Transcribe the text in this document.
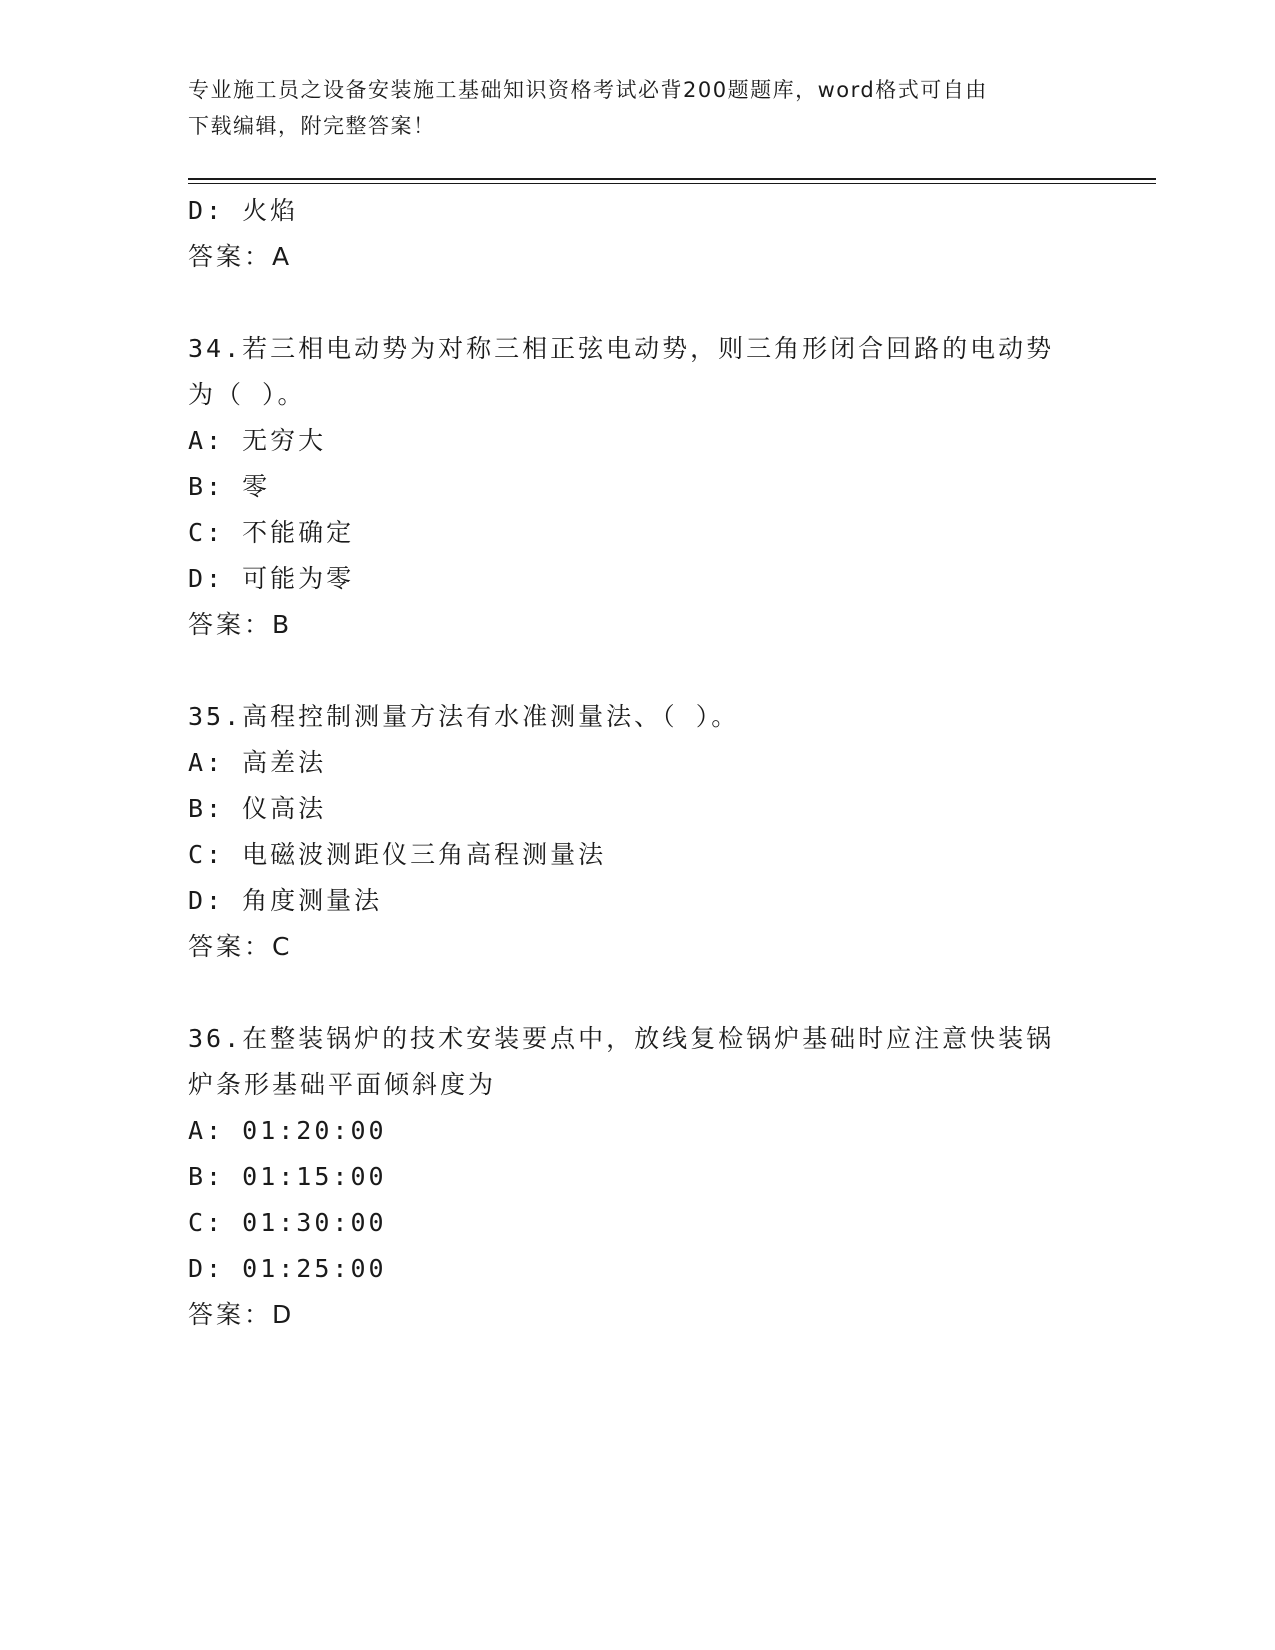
专业施工员之设备安装施工基础知识资格考试必背200题题库，word格式可自由
下载编辑，附完整答案！

D: 火焰

答案：A

34.若三相电动势为对称三相正弦电动势，则三角形闭合回路的电动势

为（ ）。

A: 无穷大

B: 零

C: 不能确定

D: 可能为零

答案：B

35.高程控制测量方法有水准测量法、（ ）。

A: 高差法

B: 仪高法

C: 电磁波测距仪三角高程测量法

D: 角度测量法

答案：C

36.在整装锅炉的技术安装要点中，放线复检锅炉基础时应注意快装锅

炉条形基础平面倾斜度为

A: 01:20:00

B: 01:15:00

C: 01:30:00

D: 01:25:00

答案：D
